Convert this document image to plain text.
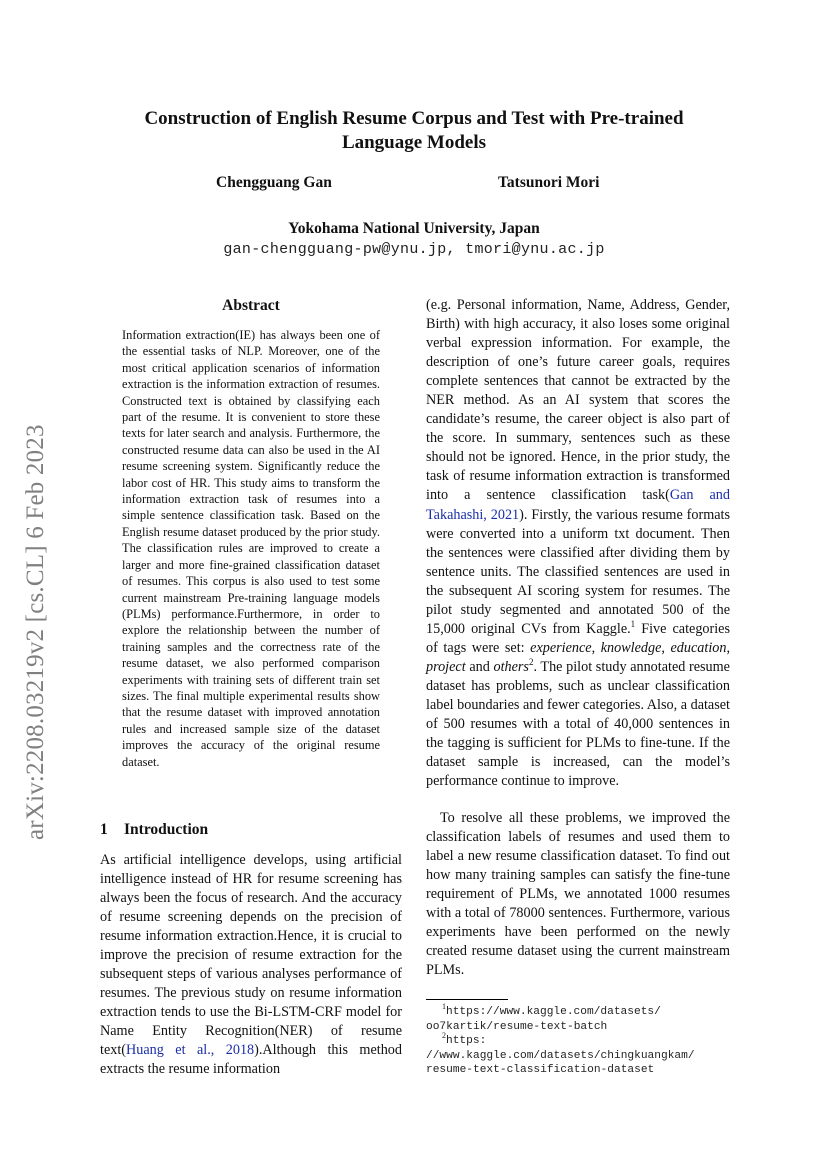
arXiv:2208.03219v2 [cs.CL] 6 Feb 2023
Construction of English Resume Corpus and Test with Pre-trained
Language Models
Chengguang Gan	Tatsunori Mori
Yokohama National University, Japan
gan-chengguang-pw@ynu.jp, tmori@ynu.ac.jp
Abstract
Information extraction(IE) has always been one of the essential tasks of NLP. Moreover, one of the most critical application scenarios of information extraction is the information extraction of resumes. Constructed text is obtained by classifying each part of the resume. It is convenient to store these texts for later search and analysis. Furthermore, the constructed resume data can also be used in the AI resume screening system. Significantly reduce the labor cost of HR. This study aims to transform the information extraction task of resumes into a simple sentence classification task. Based on the English resume dataset produced by the prior study. The classification rules are improved to create a larger and more fine-grained classification dataset of resumes. This corpus is also used to test some current mainstream Pre-training language models (PLMs) performance.Furthermore, in order to explore the relationship between the number of training samples and the correctness rate of the resume dataset, we also performed comparison experiments with training sets of different train set sizes. The final multiple experimental results show that the resume dataset with improved annotation rules and increased sample size of the dataset improves the accuracy of the original resume dataset.
1 Introduction
As artificial intelligence develops, using artificial intelligence instead of HR for resume screening has always been the focus of research. And the accuracy of resume screening depends on the precision of resume information extraction.Hence, it is crucial to improve the precision of resume extraction for the subsequent steps of various analyses performance of resumes. The previous study on resume information extraction tends to use the Bi-LSTM-CRF model for Name Entity Recognition(NER) of resume text(Huang et al., 2018).Although this method extracts the resume information
(e.g. Personal information, Name, Address, Gender, Birth) with high accuracy, it also loses some original verbal expression information. For example, the description of one’s future career goals, requires complete sentences that cannot be extracted by the NER method. As an AI system that scores the candidate’s resume, the career object is also part of the score. In summary, sentences such as these should not be ignored. Hence, in the prior study, the task of resume information extraction is transformed into a sentence classification task(Gan and Takahashi, 2021). Firstly, the various resume formats were converted into a uniform txt document. Then the sentences were classified after dividing them by sentence units. The classified sentences are used in the subsequent AI scoring system for resumes. The pilot study segmented and annotated 500 of the 15,000 original CVs from Kaggle.$^1$ Five categories of tags were set: experience, knowledge, education, project and others$^2$. The pilot study annotated resume dataset has problems, such as unclear classification label boundaries and fewer categories. Also, a dataset of 500 resumes with a total of 40,000 sentences in the tagging is sufficient for PLMs to fine-tune. If the dataset sample is increased, can the model’s performance continue to improve.
To resolve all these problems, we improved the classification labels of resumes and used them to label a new resume classification dataset. To find out how many training samples can satisfy the fine-tune requirement of PLMs, we annotated 1000 resumes with a total of 78000 sentences. Furthermore, various experiments have been performed on the newly created resume dataset using the current mainstream PLMs.
$^1$https://www.kaggle.com/datasets/
oo7kartik/resume-text-batch
$^2$https:
//www.kaggle.com/datasets/chingkuangkam/
resume-text-classification-dataset
